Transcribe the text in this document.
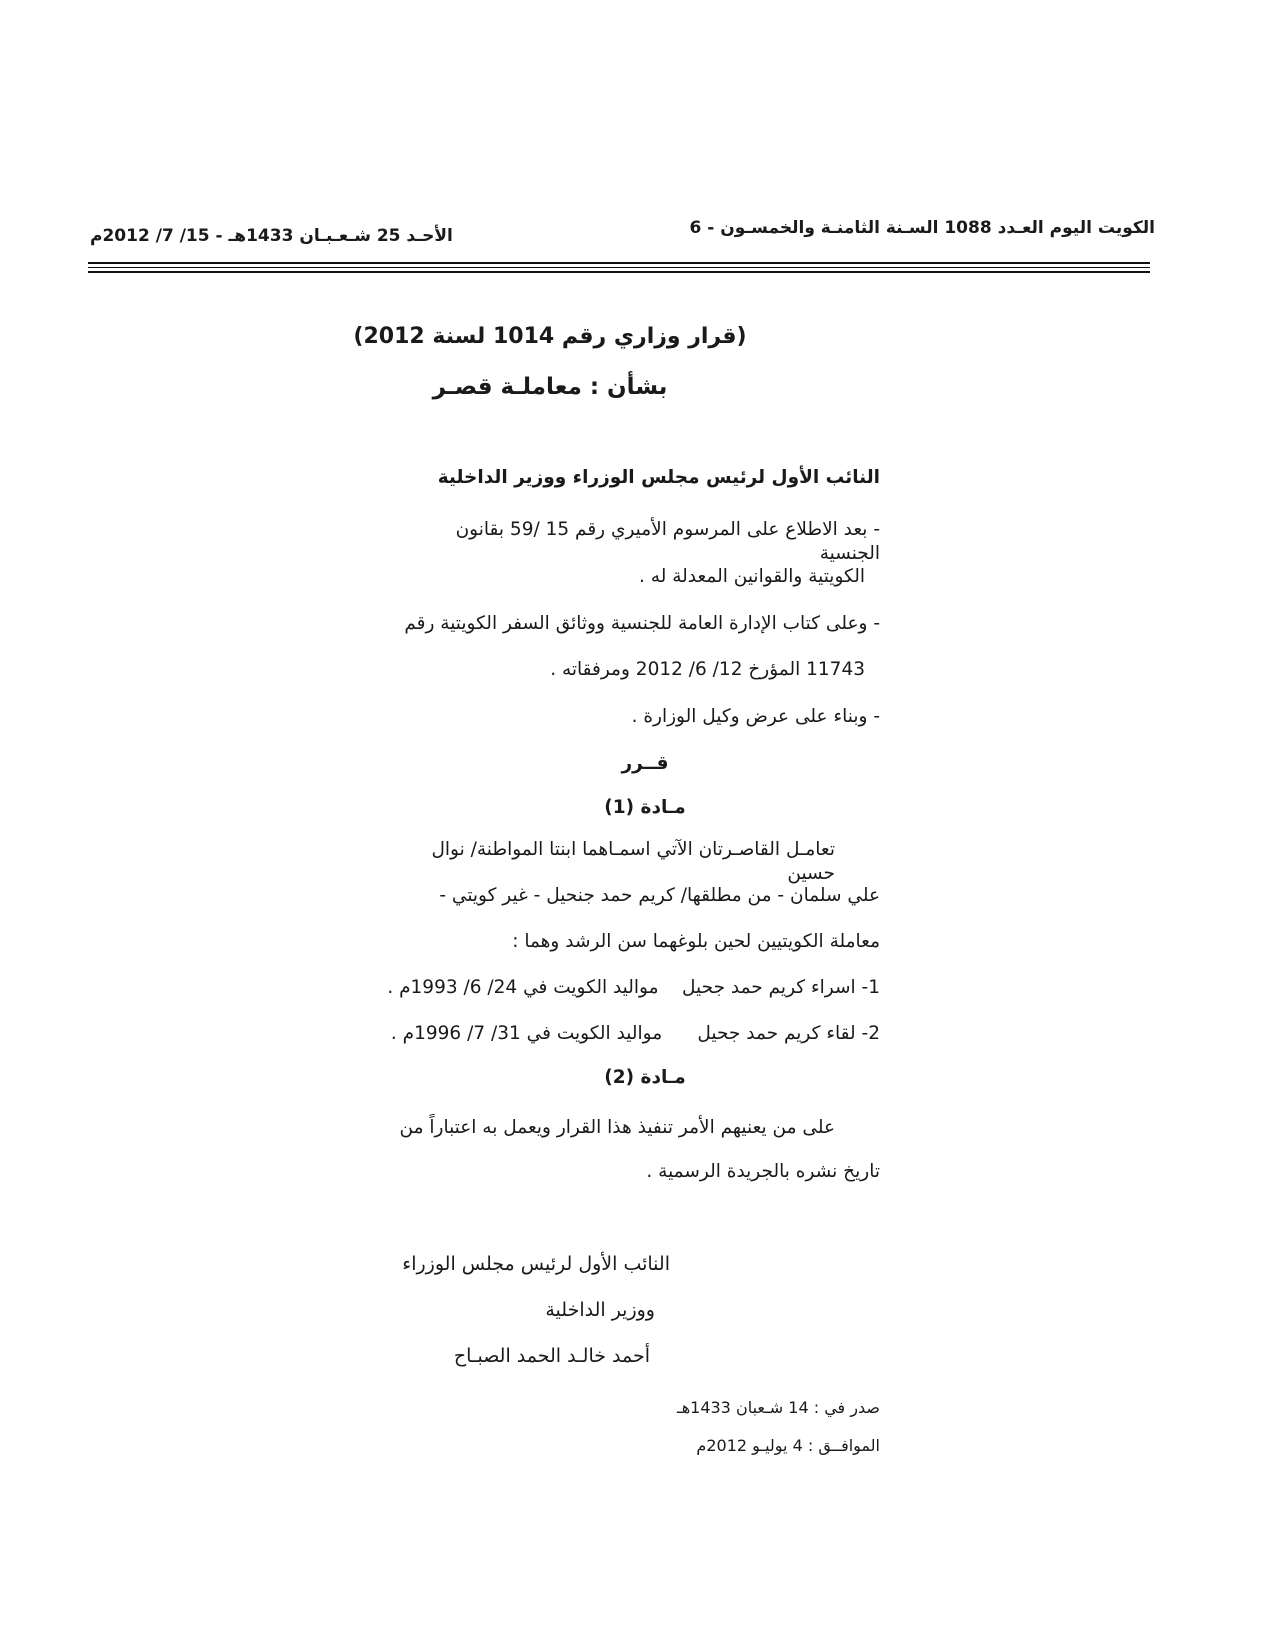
الأحـد 25 شـعـبـان 1433هـ - 15/ 7/ 2012م	الكويت اليوم العـدد 1088 السـنة الثامنـة والخمسـون - 6
(قرار وزاري رقم 1014 لسنة 2012)
بشأن : معاملـة قصـر
النائب الأول لرئيس مجلس الوزراء ووزير الداخلية
- بعد الاطلاع على المرسوم الأميري رقم 15 /59 بقانون الجنسية
الكويتية والقوانين المعدلة له .
- وعلى كتاب الإدارة العامة للجنسية ووثائق السفر الكويتية رقم
11743 المؤرخ 12/ 6/ 2012 ومرفقاته .
- وبناء على عرض وكيل الوزارة .
قــرر
مـادة (1)
تعامـل القاصـرتان الآتي اسمـاهما ابنتا المواطنة/ نوال حسين
علي سلمان - من مطلقها/ كريم حمد جنحيل - غير كويتي -
معاملة الكويتيين لحين بلوغهما سن الرشد وهما :
1- اسراء كريم حمد جحيل    مواليد الكويت في 24/ 6/ 1993م .
2- لقاء كريم حمد جحيل      مواليد الكويت في 31/ 7/ 1996م .
مـادة (2)
على من يعنيهم الأمر تنفيذ هذا القرار ويعمل به اعتباراً من
تاريخ نشره بالجريدة الرسمية .
النائب الأول لرئيس مجلس الوزراء
ووزير الداخلية
أحمد خالـد الحمد الصبـاح
صدر في : 14 شـعبان 1433هـ
الموافــق : 4 يوليـو 2012م
